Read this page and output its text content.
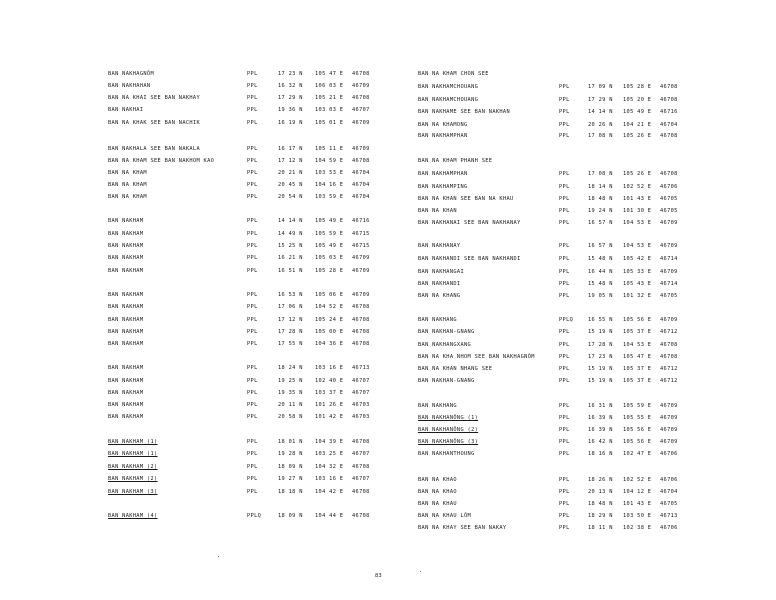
BAN NAKHAGNÔM	PPL	17 23 N 105 47 E 46708
BAN NAKHAHAN	PPL	16 32 N 106 03 E 46709
BAN NA KHAI SEE BAN NAKHAY	PPL	17 29 N 105 21 E 46708
BAN NAKHAI	PPL	19 36 N 103 03 E 46707
BAN NA KHAK SEE BAN NACHIK	PPL	16 19 N 105 01 E 46709
BAN NAKHALA SEE BAN NAKALA	PPL	16 17 N 105 11 E 46709
BAN NA KHAM SEE BAN NAKHOM KAO	PPL	17 12 N 104 59 E 46708
BAN NA KHAM	PPL	20 21 N 103 53 E 46704
BAN NA KHAM	PPL	20 45 N 104 16 E 46704
BAN NA KHAM	PPL	20 54 N 103 59 E 46704
BAN NAKHAM	PPL	14 14 N 105 49 E 46716
BAN NAKHAM	PPL	14 49 N 105 59 E 46715
BAN NAKHAM	PPL	15 25 N 105 49 E 46715
BAN NAKHAM	PPL	16 21 N 105 03 E 46709
BAN NAKHAM	PPL	16 51 N 105 28 E 46709
BAN NAKHAM	PPL	16 53 N 105 06 E 46709
BAN NAKHAM	PPL	17 06 N 104 52 E 46708
BAN NAKHAM	PPL	17 12 N 105 24 E 46708
BAN NAKHAM	PPL	17 28 N 105 00 E 46708
BAN NAKHAM	PPL	17 55 N 104 36 E 46708
BAN NAKHAM	PPL	18 24 N 103 16 E 46713
BAN NAKHAM	PPL	19 25 N 102 40 E 46707
BAN NAKHAM	PPL	19 35 N 103 37 E 46707
BAN NAKHAM	PPL	20 11 N 101 26 E 46703
BAN NAKHAM	PPL	20 58 N 101 42 E 46703
BAN NAKHAM (1)	PPL	18 01 N 104 39 E 46708
BAN NAKHAM (1)	PPL	19 28 N 103 25 E 46707
BAN NAKHAM (2)	PPL	18 09 N 104 32 E 46708
BAN NAKHAM (2)	PPL	19 27 N 103 16 E 46707
BAN NAKHAM (3)	PPL	18 18 N 104 42 E 46708
BAN NAKHAM (4)	PPLQ	18 09 N 104 44 E 46708
BAN NA KHAM CHON SEE
BAN NAKHAMCHOUANG	PPL	17 09 N 105 28 E 46708
BAN NAKHAMCHOUANG	PPL	17 29 N 105 20 E 46708
BAN NAKHAME SEE BAN NAKHAN	PPL	14 14 N 105 49 E 46716
BAN NA KHAMONG	PPL	20 26 N 104 21 E 46704
BAN NAKHAMPHAN	PPL	17 08 N 105 26 E 46708
BAN NA KHAM PHANH SEE
BAN NAKHAMPHAN	PPL	17 08 N 105 26 E 46708
BAN NAKHAMPING	PPL	18 14 N 102 52 E 46706
BAN NA KHAN SEE BAN NA KHAU	PPL	18 48 N 101 43 E 46705
BAN NA KHAN	PPL	19 24 N 101 30 E 46705
BAN NAKHANAI SEE BAN NAKHANAY	PPL	16 57 N 104 53 E 46709
BAN NAKHANAY	PPL	16 57 N 104 53 E 46709
BAN NAKHANDI SEE BAN NAKHANDI	PPL	15 48 N 105 42 E 46714
BAN NAKHANGAI	PPL	16 44 N 105 33 E 46709
BAN NAKHANDI	PPL	15 48 N 105 43 E 46714
BAN NA KHANG	PPL	19 05 N 101 32 E 46705
BAN NAKHANG	PPLQ	16 55 N 105 56 E 46709
BAN NAKHAN-GNANG	PPL	15 19 N 105 37 E 46712
BAN NAKHANGXANG	PPL	17 28 N 104 53 E 46708
BAN NA KHA NHOM SEE BAN NAKHAGNÔM	PPL	17 23 N 105 47 E 46708
BAN NA KHAN NHANG SEE	PPL	15 19 N 105 37 E 46712
BAN NAKHAN-GNANG	PPL	15 19 N 105 37 E 46712
BAN NAKHANG	PPL	16 31 N 105 59 E 46709
BAN NAKHANÔNG (1)	PPL	16 39 N 105 55 E 46709
BAN NAKHANÔNG (2)	PPL	16 39 N 105 56 E 46709
BAN NAKHANÔNG (3)	PPL	16 42 N 105 56 E 46709
BAN NAKHANTHOUNG	PPL	18 16 N 102 47 E 46706
BAN NA KHAO	PPL	18 26 N 102 52 E 46706
BAN NA KHAO	PPL	20 13 N 104 12 E 46704
BAN NA KHAU	PPL	18 48 N 101 43 E 46705
BAN NA KHAU LÔM	PPL	18 29 N 103 50 E 46713
BAN NA KHAY SEE BAN NAKAY	PPL	18 11 N 102 38 E 46706
83
